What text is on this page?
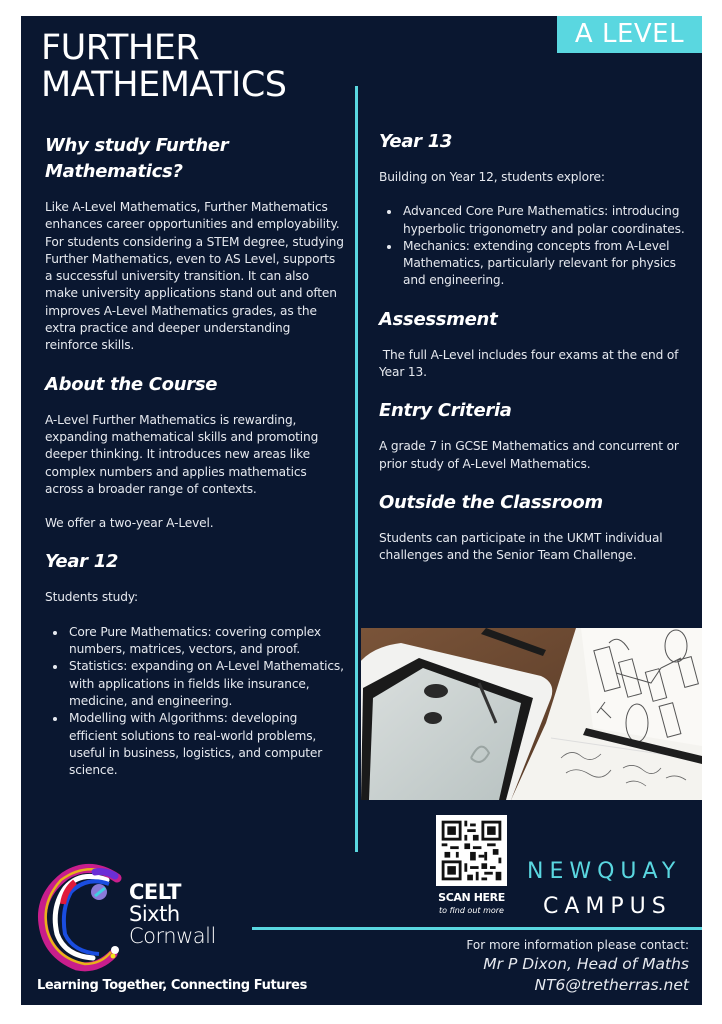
A LEVEL
FURTHER
MATHEMATICS
Why study Further Mathematics?

Like A-Level Mathematics, Further Mathematics enhances career opportunities and employability. For students considering a STEM degree, studying Further Mathematics, even to AS Level, supports a successful university transition. It can also make university applications stand out and often improves A-Level Mathematics grades, as the extra practice and deeper understanding reinforce skills.

About the Course

A-Level Further Mathematics is rewarding, expanding mathematical skills and promoting deeper thinking. It introduces new areas like complex numbers and applies mathematics across a broader range of contexts.

We offer a two-year A-Level.

Year 12

Students study:

• Core Pure Mathematics: covering complex numbers, matrices, vectors, and proof.
• Statistics: expanding on A-Level Mathematics, with applications in fields like insurance, medicine, and engineering.
• Modelling with Algorithms: developing efficient solutions to real-world problems, useful in business, logistics, and computer science.
Year 13

Building on Year 12, students explore:

• Advanced Core Pure Mathematics: introducing hyperbolic trigonometry and polar coordinates.
• Mechanics: extending concepts from A-Level Mathematics, particularly relevant for physics and engineering.
Assessment

The full A-Level includes four exams at the end of Year 13.

Entry Criteria

A grade 7 in GCSE Mathematics and concurrent or prior study of A-Level Mathematics.

Outside the Classroom

Students can participate in the UKMT individual challenges and the Senior Team Challenge.

SCAN HERE
to find out more
NEWQUAY
CAMPUS
For more information please contact:
Mr P Dixon, Head of Maths
NT6@tretherras.net
CELT
Sixth
Cornwall
Learning Together, Connecting Futures
